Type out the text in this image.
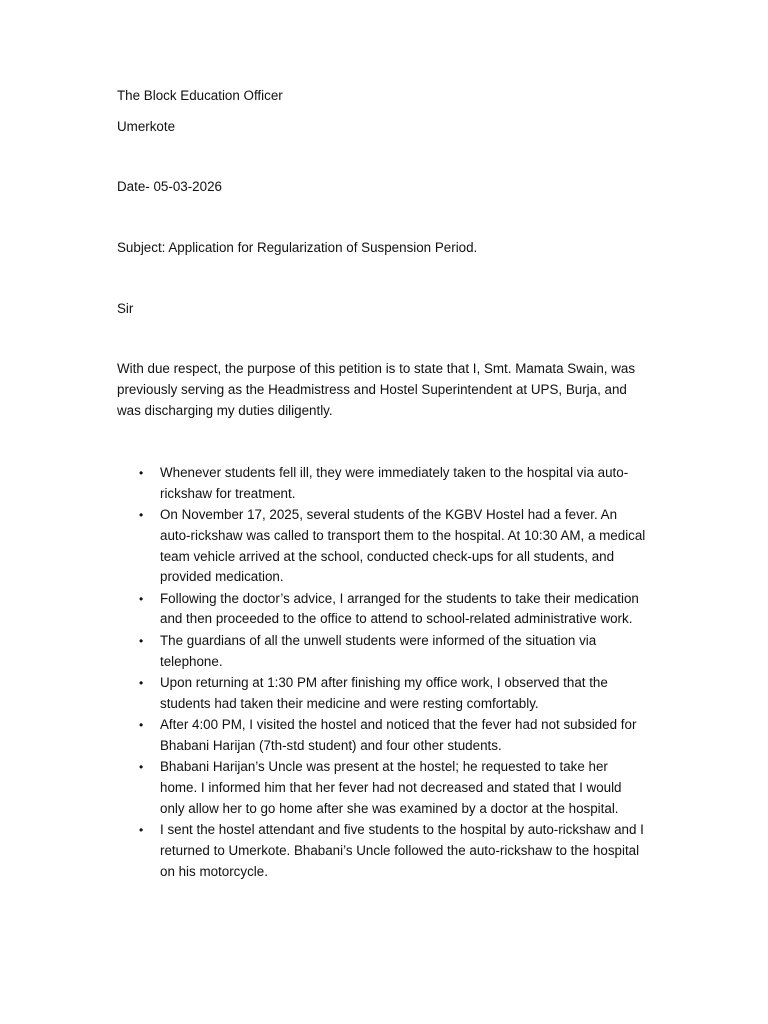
The Block Education Officer

Umerkote

Date- 05-03-2026

Subject: Application for Regularization of Suspension Period.

Sir

With due respect, the purpose of this petition is to state that I, Smt. Mamata Swain, was previously serving as the Headmistress and Hostel Superintendent at UPS, Burja, and was discharging my duties diligently.

• Whenever students fell ill, they were immediately taken to the hospital via auto-rickshaw for treatment.
• On November 17, 2025, several students of the KGBV Hostel had a fever. An auto-rickshaw was called to transport them to the hospital. At 10:30 AM, a medical team vehicle arrived at the school, conducted check-ups for all students, and provided medication.
• Following the doctor’s advice, I arranged for the students to take their medication and then proceeded to the office to attend to school-related administrative work.
• The guardians of all the unwell students were informed of the situation via telephone.
• Upon returning at 1:30 PM after finishing my office work, I observed that the students had taken their medicine and were resting comfortably.
• After 4:00 PM, I visited the hostel and noticed that the fever had not subsided for Bhabani Harijan (7th-std student) and four other students.
• Bhabani Harijan’s Uncle was present at the hostel; he requested to take her home. I informed him that her fever had not decreased and stated that I would only allow her to go home after she was examined by a doctor at the hospital.
• I sent the hostel attendant and five students to the hospital by auto-rickshaw and I returned to Umerkote. Bhabani’s Uncle followed the auto-rickshaw to the hospital on his motorcycle.
